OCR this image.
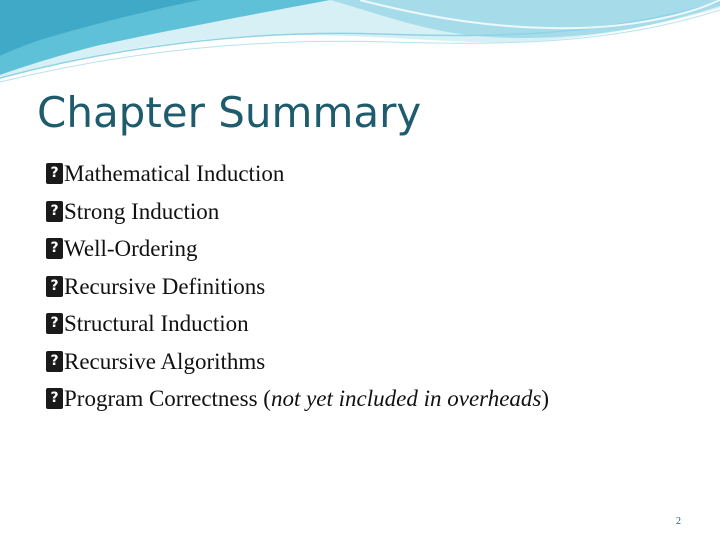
Chapter Summary
?Mathematical Induction
?Strong Induction
?Well-Ordering
?Recursive Definitions
?Structural Induction
?Recursive Algorithms
?Program Correctness (not yet included in overheads)
2
